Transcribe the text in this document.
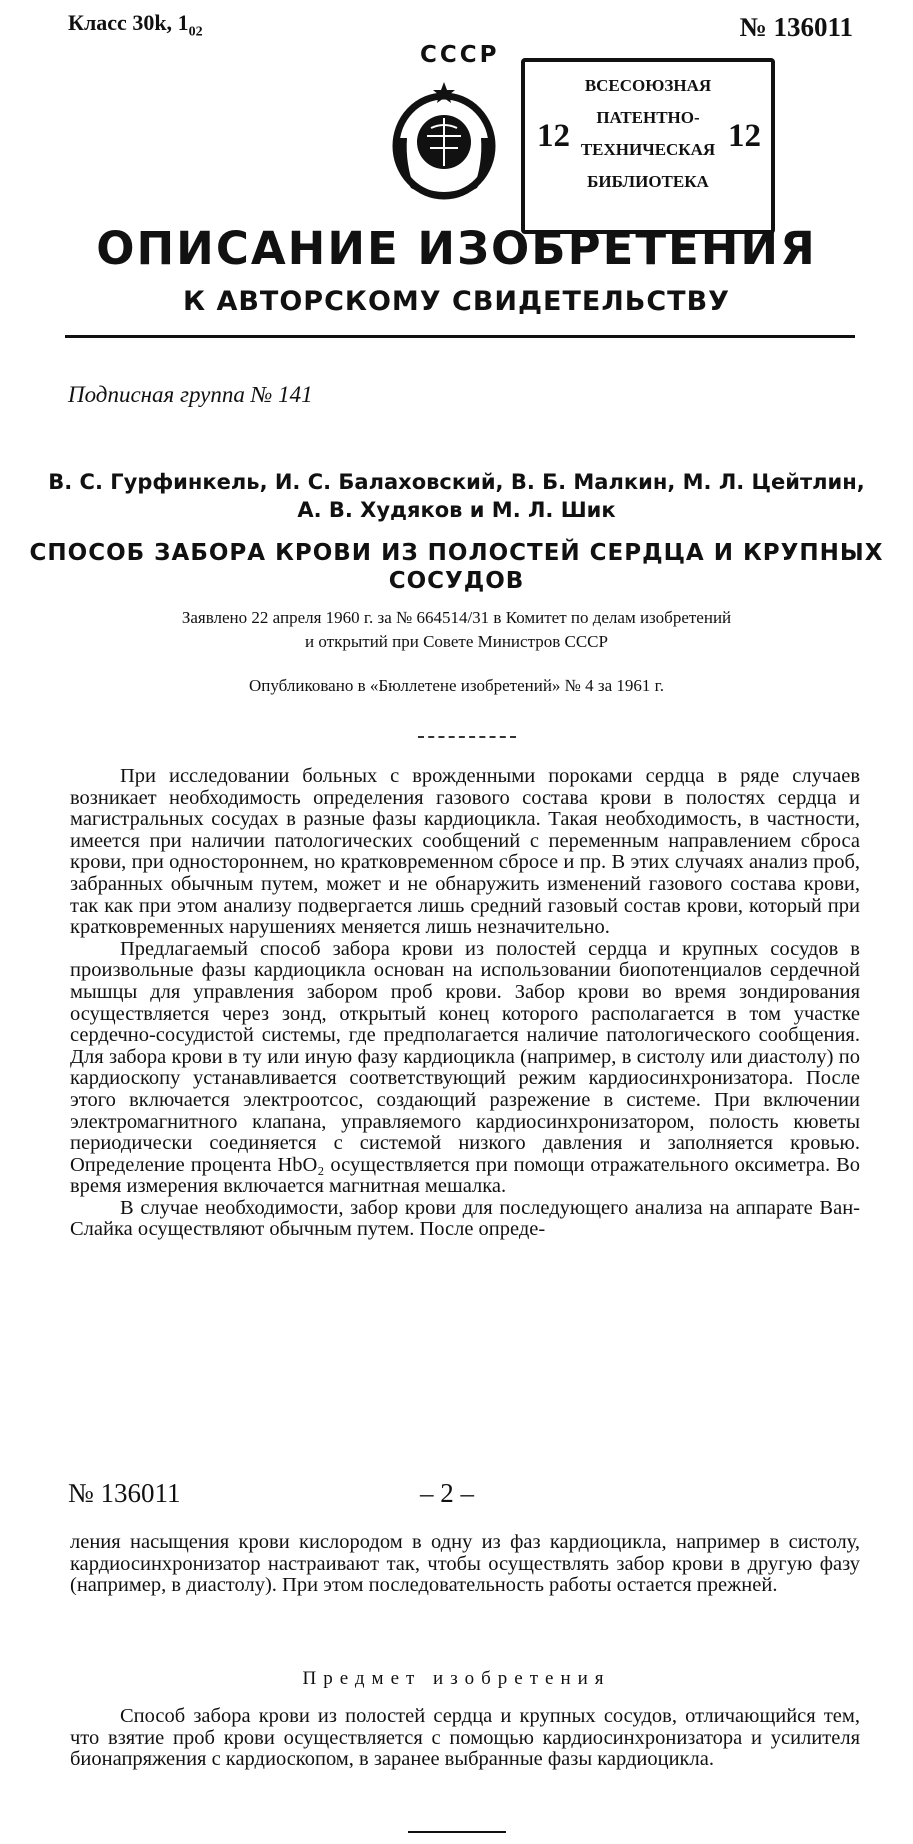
Класс 30k, $1_{02}$	№ 136011
СССР
12	12
ВСЕСОЮЗНАЯ
ПАТЕНТНО-
ТЕХНИЧЕСКАЯ
БИБЛИОТЕКА
ОПИСАНИЕ ИЗОБРЕТЕНИЯ
К АВТОРСКОМУ СВИДЕТЕЛЬСТВУ
Подписная группа № 141
В. С. Гурфинкель, И. С. Балаховский, В. Б. Малкин, М. Л. Цейтлин,
А. В. Худяков и М. Л. Шик
СПОСОБ ЗАБОРА КРОВИ ИЗ ПОЛОСТЕЙ СЕРДЦА И КРУПНЫХ
СОСУДОВ
Заявлено 22 апреля 1960 г. за № 664514/31 в Комитет по делам изобретений
и открытий при Совете Министров СССР
Опубликовано в «Бюллетене изобретений» № 4 за 1961 г.

При исследовании больных с врожденными пороками сердца в ряде случаев возникает необходимость определения газового состава крови в полостях сердца и магистральных сосудах в разные фазы кардиоцикла. Такая необходимость, в частности, имеется при наличии патологических сообщений с переменным направлением сброса крови, при одностороннем, но кратковременном сбросе и пр. В этих случаях анализ проб, забранных обычным путем, может и не обнаружить изменений газового состава крови, так как при этом анализу подвергается лишь средний газовый состав крови, который при кратковременных нарушениях меняется лишь незначительно.

Предлагаемый способ забора крови из полостей сердца и крупных сосудов в произвольные фазы кардиоцикла основан на использовании биопотенциалов сердечной мышцы для управления забором проб крови. Забор крови во время зондирования осуществляется через зонд, открытый конец которого располагается в том участке сердечно-сосудистой системы, где предполагается наличие патологического сообщения. Для забора крови в ту или иную фазу кардиоцикла (например, в систолу или диастолу) по кардиоскопу устанавливается соответствующий режим кардиосинхронизатора. После этого включается электроотсос, создающий разрежение в системе. При включении электромагнитного клапана, управляемого кардиосинхронизатором, полость кюветы периодически соединяется с системой низкого давления и заполняется кровью. Определение процента HbO₂ осуществляется при помощи отражательного оксиметра. Во время измерения включается магнитная мешалка.

В случае необходимости, забор крови для последующего анализа на аппарате Ван-Слайка осуществляют обычным путем. После опреде-

№ 136011	– 2 –

ления насыщения крови кислородом в одну из фаз кардиоцикла, например в систолу, кардиосинхронизатор настраивают так, чтобы осуществлять забор крови в другую фазу (например, в диастолу). При этом последовательность работы остается прежней.

Предмет изобретения

Способ забора крови из полостей сердца и крупных сосудов, отличающийся тем, что взятие проб крови осуществляется с помощью кардиосинхронизатора и усилителя бионапряжения с кардиоскопом, в заранее выбранные фазы кардиоцикла.
